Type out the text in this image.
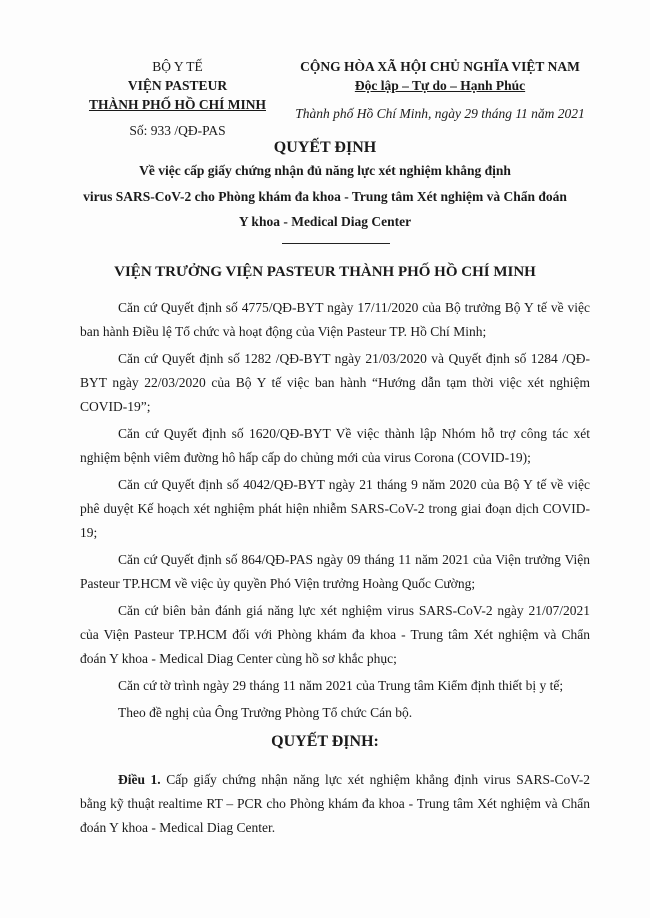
BỘ Y TẾ
VIỆN PASTEUR
THÀNH PHỐ HỒ CHÍ MINH
Số: 933 /QĐ-PAS
CỘNG HÒA XÃ HỘI CHỦ NGHĨA VIỆT NAM
Độc lập – Tự do – Hạnh Phúc
Thành phố Hồ Chí Minh, ngày 29 tháng 11 năm 2021
QUYẾT ĐỊNH
Về việc cấp giấy chứng nhận đủ năng lực xét nghiệm khẳng định
virus SARS-CoV-2 cho Phòng khám đa khoa - Trung tâm Xét nghiệm và Chẩn đoán
Y khoa - Medical Diag Center
VIỆN TRƯỞNG VIỆN PASTEUR THÀNH PHỐ HỒ CHÍ MINH

Căn cứ Quyết định số 4775/QĐ-BYT ngày 17/11/2020 của Bộ trưởng Bộ Y tế về việc ban hành Điều lệ Tổ chức và hoạt động của Viện Pasteur TP. Hồ Chí Minh;

Căn cứ Quyết định số 1282 /QĐ-BYT ngày 21/03/2020 và Quyết định số 1284 /QĐ-BYT ngày 22/03/2020 của Bộ Y tế việc ban hành “Hướng dẫn tạm thời việc xét nghiệm COVID-19”;

Căn cứ Quyết định số 1620/QĐ-BYT Về việc thành lập Nhóm hỗ trợ công tác xét nghiệm bệnh viêm đường hô hấp cấp do chủng mới của virus Corona (COVID-19);

Căn cứ Quyết định số 4042/QĐ-BYT ngày 21 tháng 9 năm 2020 của Bộ Y tế về việc phê duyệt Kế hoạch xét nghiệm phát hiện nhiễm SARS-CoV-2 trong giai đoạn dịch COVID-19;

Căn cứ Quyết định số 864/QĐ-PAS ngày 09 tháng 11 năm 2021 của Viện trưởng Viện Pasteur TP.HCM về việc ủy quyền Phó Viện trưởng Hoàng Quốc Cường;

Căn cứ biên bản đánh giá năng lực xét nghiệm virus SARS-CoV-2 ngày 21/07/2021 của Viện Pasteur TP.HCM đối với Phòng khám đa khoa - Trung tâm Xét nghiệm và Chẩn đoán Y khoa - Medical Diag Center cùng hồ sơ khắc phục;

Căn cứ tờ trình ngày 29 tháng 11 năm 2021 của Trung tâm Kiểm định thiết bị y tế;

Theo đề nghị của Ông Trưởng Phòng Tổ chức Cán bộ.

QUYẾT ĐỊNH:

Điều 1. Cấp giấy chứng nhận năng lực xét nghiệm khẳng định virus SARS-CoV-2 bằng kỹ thuật realtime RT – PCR cho Phòng khám đa khoa - Trung tâm Xét nghiệm và Chẩn đoán Y khoa - Medical Diag Center.
